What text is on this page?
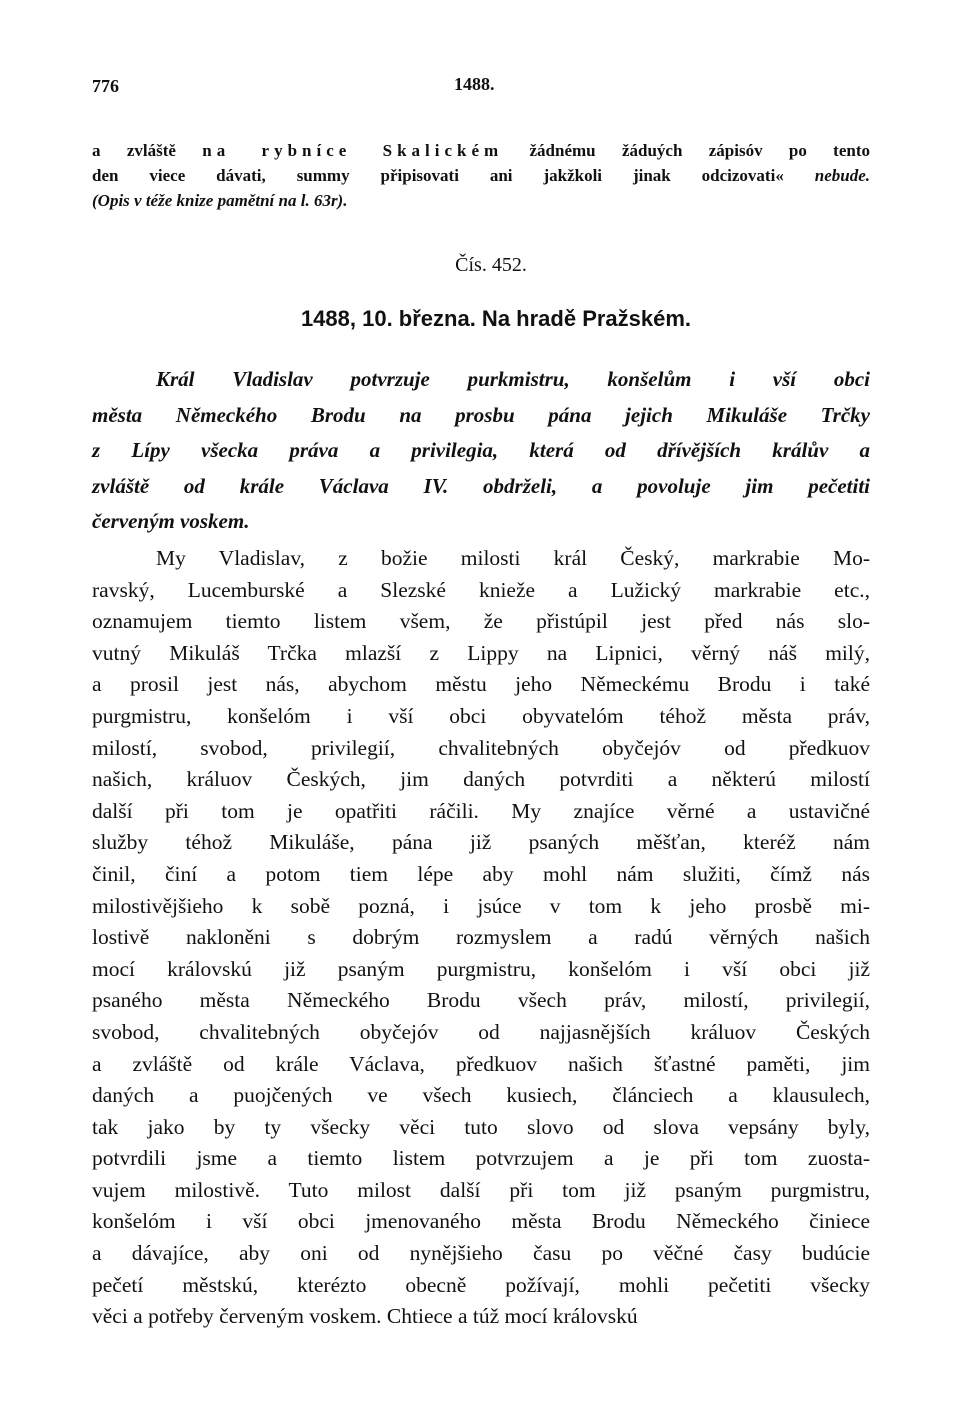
776	1488.
a zvláště na rybníce Skalickém žádnému žáduých zápisóv po tento
den viece dávati, summy připisovati ani jakžkoli jinak odcizovati« nebude.
(Opis v téže knize pamětní na l. 63r).
Čís. 452.
1488, 10. března. Na hradě Pražském.
Král Vladislav potvrzuje purkmistru, konšelům i vší obci
města Německého Brodu na prosbu pána jejich Mikuláše Trčky
z Lípy všecka práva a privilegia, která od dřívějších králův a
zvláště od krále Václava IV. obdrželi, a povoluje jim pečetiti
červeným voskem.
My Vladislav, z božie milosti král Český, markrabie Mo-
ravský, Lucemburské a Slezské knieže a Lužický markrabie etc.,
oznamujem tiemto listem všem, že přistúpil jest před nás slo-
vutný Mikuláš Trčka mlazší z Lippy na Lipnici, věrný náš milý,
a prosil jest nás, abychom městu jeho Německému Brodu i také
purgmistru, konšelóm i vší obci obyvatelóm téhož města práv,
milostí, svobod, privilegií, chvalitebných obyčejóv od předkuov
našich, králuov Českých, jim daných potvrditi a některú milostí
další při tom je opatřiti ráčili. My znajíce věrné a ustavičné
služby téhož Mikuláše, pána již psaných měšťan, kteréž nám
činil, činí a potom tiem lépe aby mohl nám služiti, čímž nás
milostivějšieho k sobě pozná, i jsúce v tom k jeho prosbě mi-
lostivě nakloněni s dobrým rozmyslem a radú věrných našich
mocí královskú již psaným purgmistru, konšelóm i vší obci již
psaného města Německého Brodu všech práv, milostí, privilegií,
svobod, chvalitebných obyčejóv od najjasnějších králuov Českých
a zvláště od krále Václava, předkuov našich šťastné paměti, jim
daných a puojčených ve všech kusiech, článciech a klausulech,
tak jako by ty všecky věci tuto slovo od slova vepsány byly,
potvrdili jsme a tiemto listem potvrzujem a je při tom zuosta-
vujem milostivě. Tuto milost další při tom již psaným purgmistru,
konšelóm i vší obci jmenovaného města Brodu Německého činiece
a dávajíce, aby oni od nynějšieho času po věčné časy budúcie
pečetí městskú, kterézto obecně požívají, mohli pečetiti všecky
věci a potřeby červeným voskem. Chtiece a túž mocí královskú
